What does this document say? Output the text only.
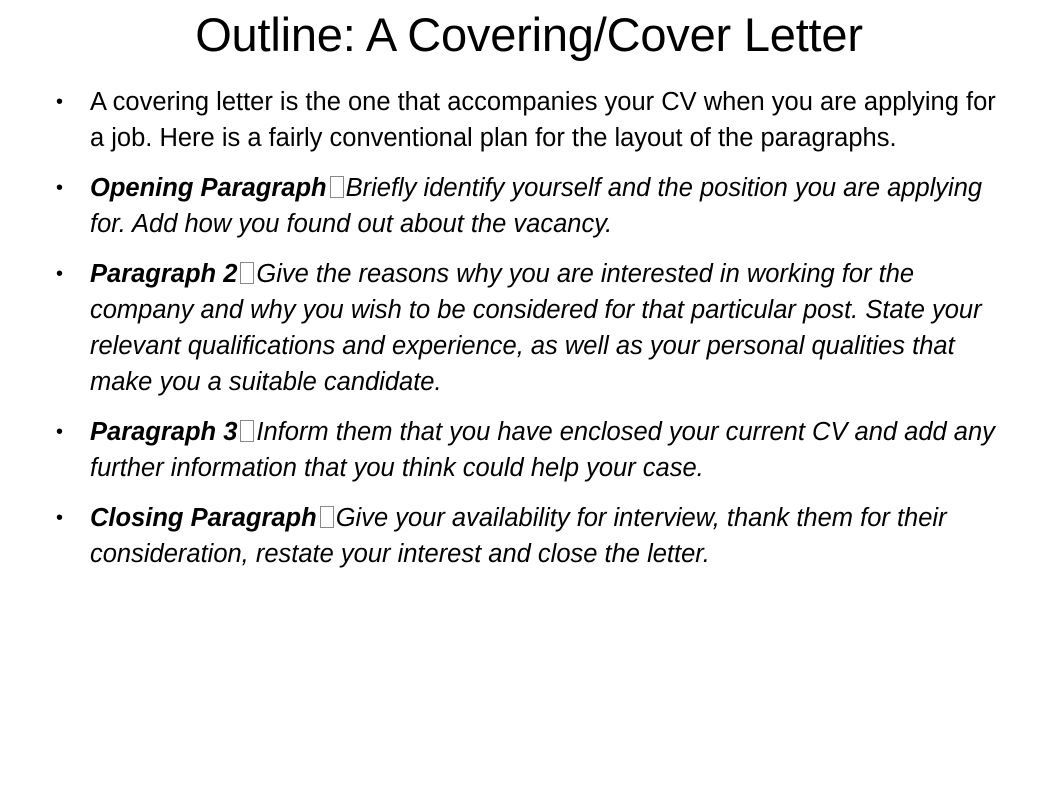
Outline: A Covering/Cover Letter
•	A covering letter is the one that accompanies your CV when you are applying for a job. Here is a fairly conventional plan for the layout of the paragraphs.
•	Opening Paragraph Briefly identify yourself and the position you are applying for. Add how you found out about the vacancy.
•	Paragraph 2 Give the reasons why you are interested in working for the company and why you wish to be considered for that particular post. State your relevant qualifications and experience, as well as your personal qualities that make you a suitable candidate.
•	Paragraph 3 Inform them that you have enclosed your current CV and add any further information that you think could help your case.
•	Closing Paragraph Give your availability for interview, thank them for their consideration, restate your interest and close the letter.
